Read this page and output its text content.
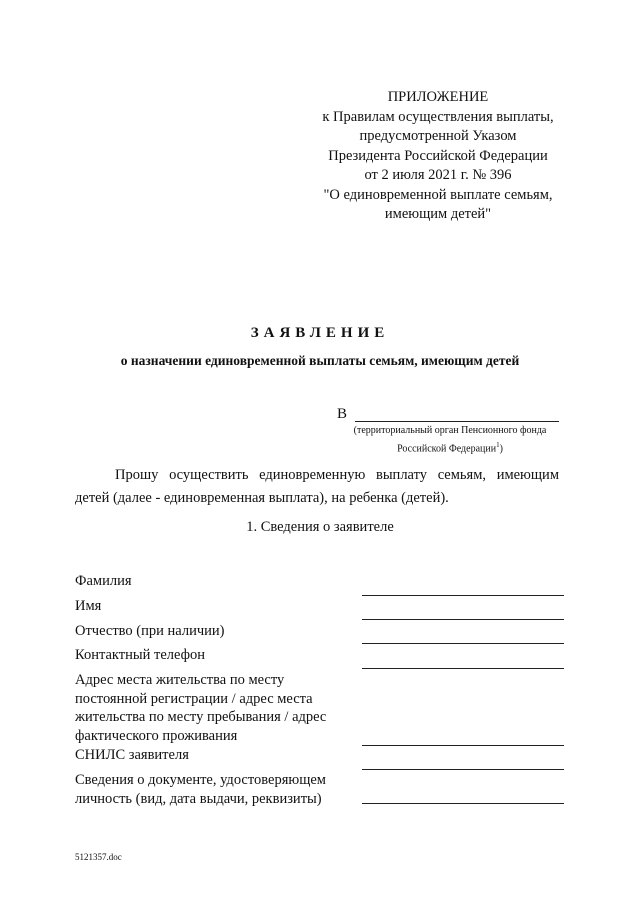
ПРИЛОЖЕНИЕ
к Правилам осуществления выплаты,
предусмотренной Указом
Президента Российской Федерации
от 2 июля 2021 г. № 396
"О единовременной выплате семьям,
имеющим детей"
ЗАЯВЛЕНИЕ
о назначении единовременной выплаты семьям, имеющим детей
В
(территориальный орган Пенсионного фонда
Российской Федерации$^1$)
Прошу осуществить единовременную выплату семьям, имеющим детей (далее - единовременная выплата), на ребенка (детей).
1. Сведения о заявителе
Фамилия
Имя
Отчество (при наличии)
Контактный телефон
Адрес места жительства по месту постоянной регистрации / адрес места жительства по месту пребывания / адрес фактического проживания
СНИЛС заявителя
Сведения о документе, удостоверяющем личность (вид, дата выдачи, реквизиты)
5121357.doc
